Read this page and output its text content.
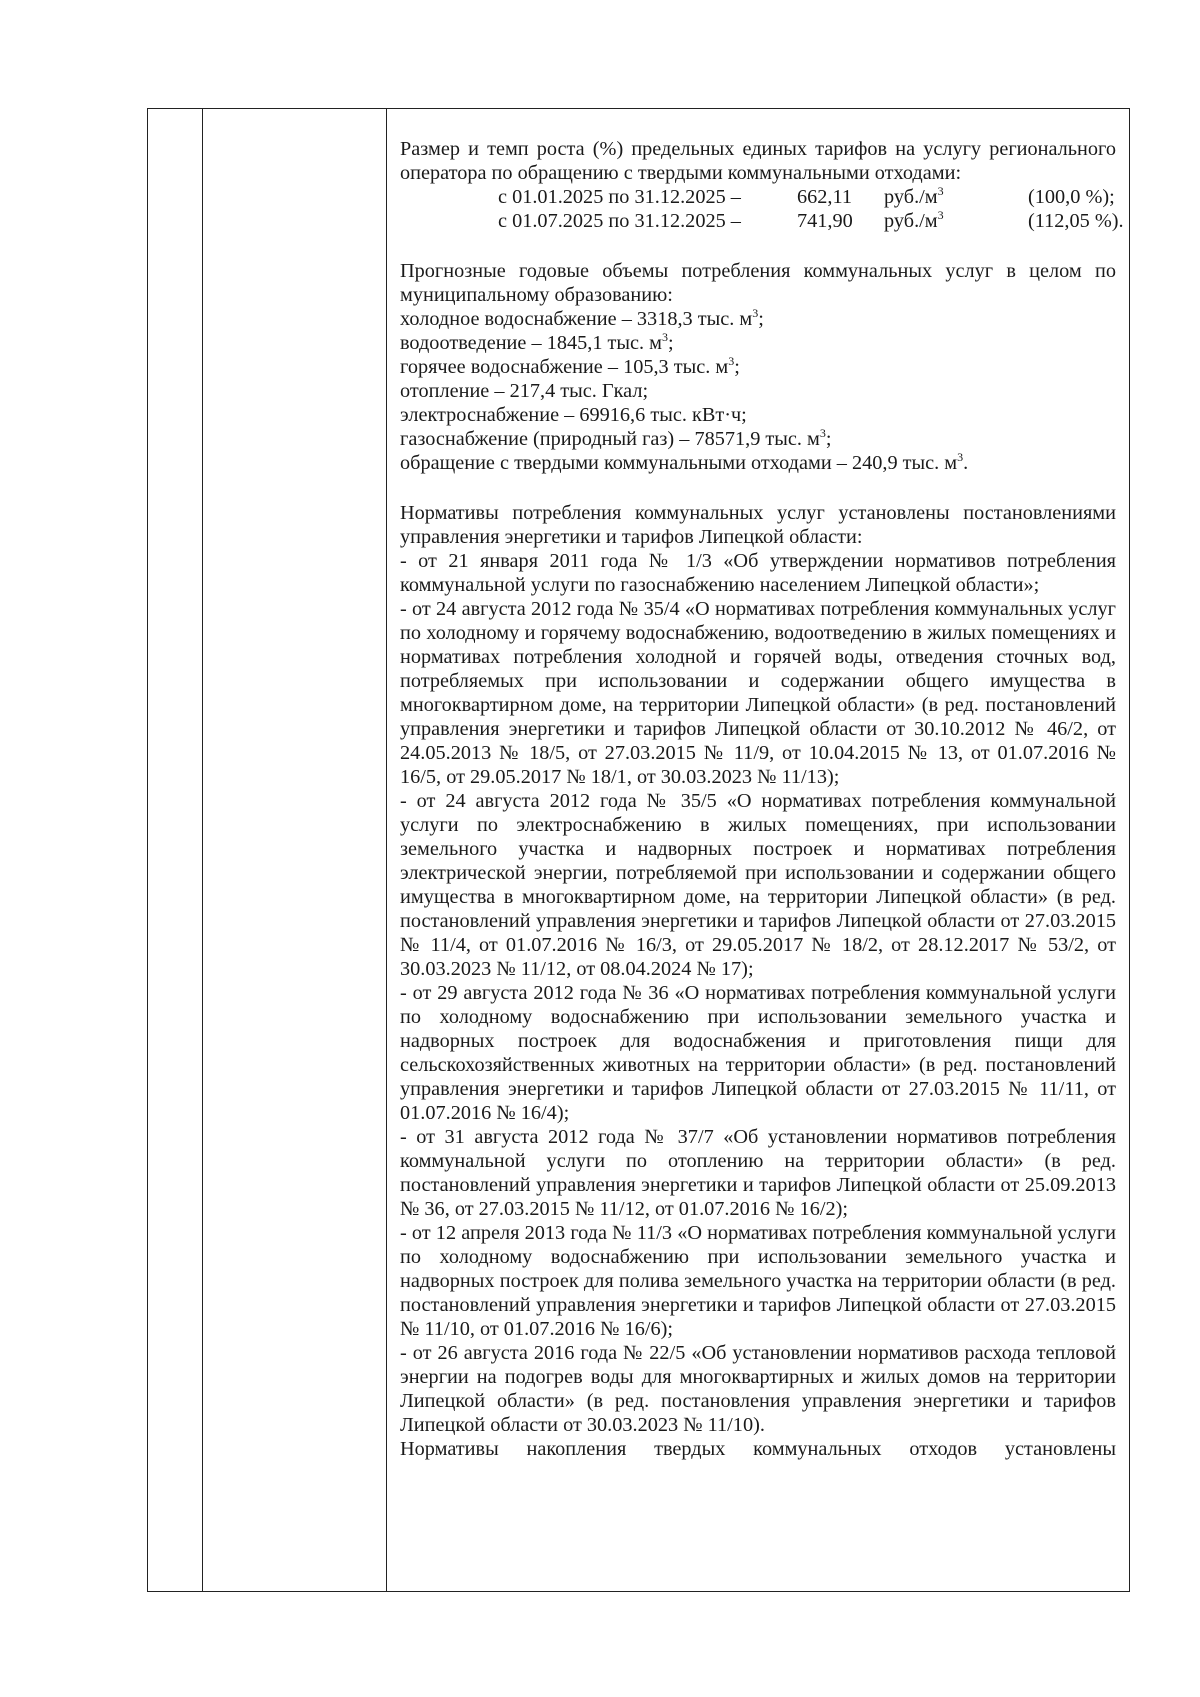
Размер и темп роста (%) предельных единых тарифов на услугу регионального оператора по обращению с твердыми коммунальными отходами:

с 01.01.2025 по 31.12.2025 –	662,11 $руб./м^3$	(100,0 %);
с 01.07.2025 по 31.12.2025 –	741,90 $руб./м^3$	(112,05 %).

Прогнозные годовые объемы потребления коммунальных услуг в целом по муниципальному образованию:

холодное водоснабжение – 3318,3 тыс. $м^3$;

водоотведение – 1845,1 тыс. $м^3$;

горячее водоснабжение – 105,3 тыс. $м^3$;

отопление – 217,4 тыс. Гкал;

электроснабжение – 69916,6 тыс. кВт·ч;

газоснабжение (природный газ) – 78571,9 тыс. $м^3$;

обращение с твердыми коммунальными отходами – 240,9 тыс. $м^3$.

Нормативы потребления коммунальных услуг установлены постановлениями управления энергетики и тарифов Липецкой области:

- от 21 января 2011 года № 1/3 «Об утверждении нормативов потребления коммунальной услуги по газоснабжению населением Липецкой области»;

- от 24 августа 2012 года № 35/4 «О нормативах потребления коммунальных услуг по холодному и горячему водоснабжению, водоотведению в жилых помещениях и нормативах потребления холодной и горячей воды, отведения сточных вод, потребляемых при использовании и содержании общего имущества в многоквартирном доме, на территории Липецкой области» (в ред. постановлений управления энергетики и тарифов Липецкой области от 30.10.2012 № 46/2, от 24.05.2013 № 18/5, от 27.03.2015 № 11/9, от 10.04.2015 № 13, от 01.07.2016 № 16/5, от 29.05.2017 № 18/1, от 30.03.2023 № 11/13);

- от 24 августа 2012 года № 35/5 «О нормативах потребления коммунальной услуги по электроснабжению в жилых помещениях, при использовании земельного участка и надворных построек и нормативах потребления электрической энергии, потребляемой при использовании и содержании общего имущества в многоквартирном доме, на территории Липецкой области» (в ред. постановлений управления энергетики и тарифов Липецкой области от 27.03.2015 № 11/4, от 01.07.2016 № 16/3, от 29.05.2017 № 18/2, от 28.12.2017 № 53/2, от 30.03.2023 № 11/12, от 08.04.2024 № 17);

- от 29 августа 2012 года № 36 «О нормативах потребления коммунальной услуги по холодному водоснабжению при использовании земельного участка и надворных построек для водоснабжения и приготовления пищи для сельскохозяйственных животных на территории области» (в ред. постановлений управления энергетики и тарифов Липецкой области от 27.03.2015 № 11/11, от 01.07.2016 № 16/4);

- от 31 августа 2012 года № 37/7 «Об установлении нормативов потребления коммунальной услуги по отоплению на территории области» (в ред. постановлений управления энергетики и тарифов Липецкой области от 25.09.2013 № 36, от 27.03.2015 № 11/12, от 01.07.2016 № 16/2);

- от 12 апреля 2013 года № 11/3 «О нормативах потребления коммунальной услуги по холодному водоснабжению при использовании земельного участка и надворных построек для полива земельного участка на территории области (в ред. постановлений управления энергетики и тарифов Липецкой области от 27.03.2015 № 11/10, от 01.07.2016 № 16/6);

- от 26 августа 2016 года № 22/5 «Об установлении нормативов расхода тепловой энергии на подогрев воды для многоквартирных и жилых домов на территории Липецкой области» (в ред. постановления управления энергетики и тарифов Липецкой области от 30.03.2023 № 11/10).

Нормативы накопления твердых коммунальных отходов установлены
